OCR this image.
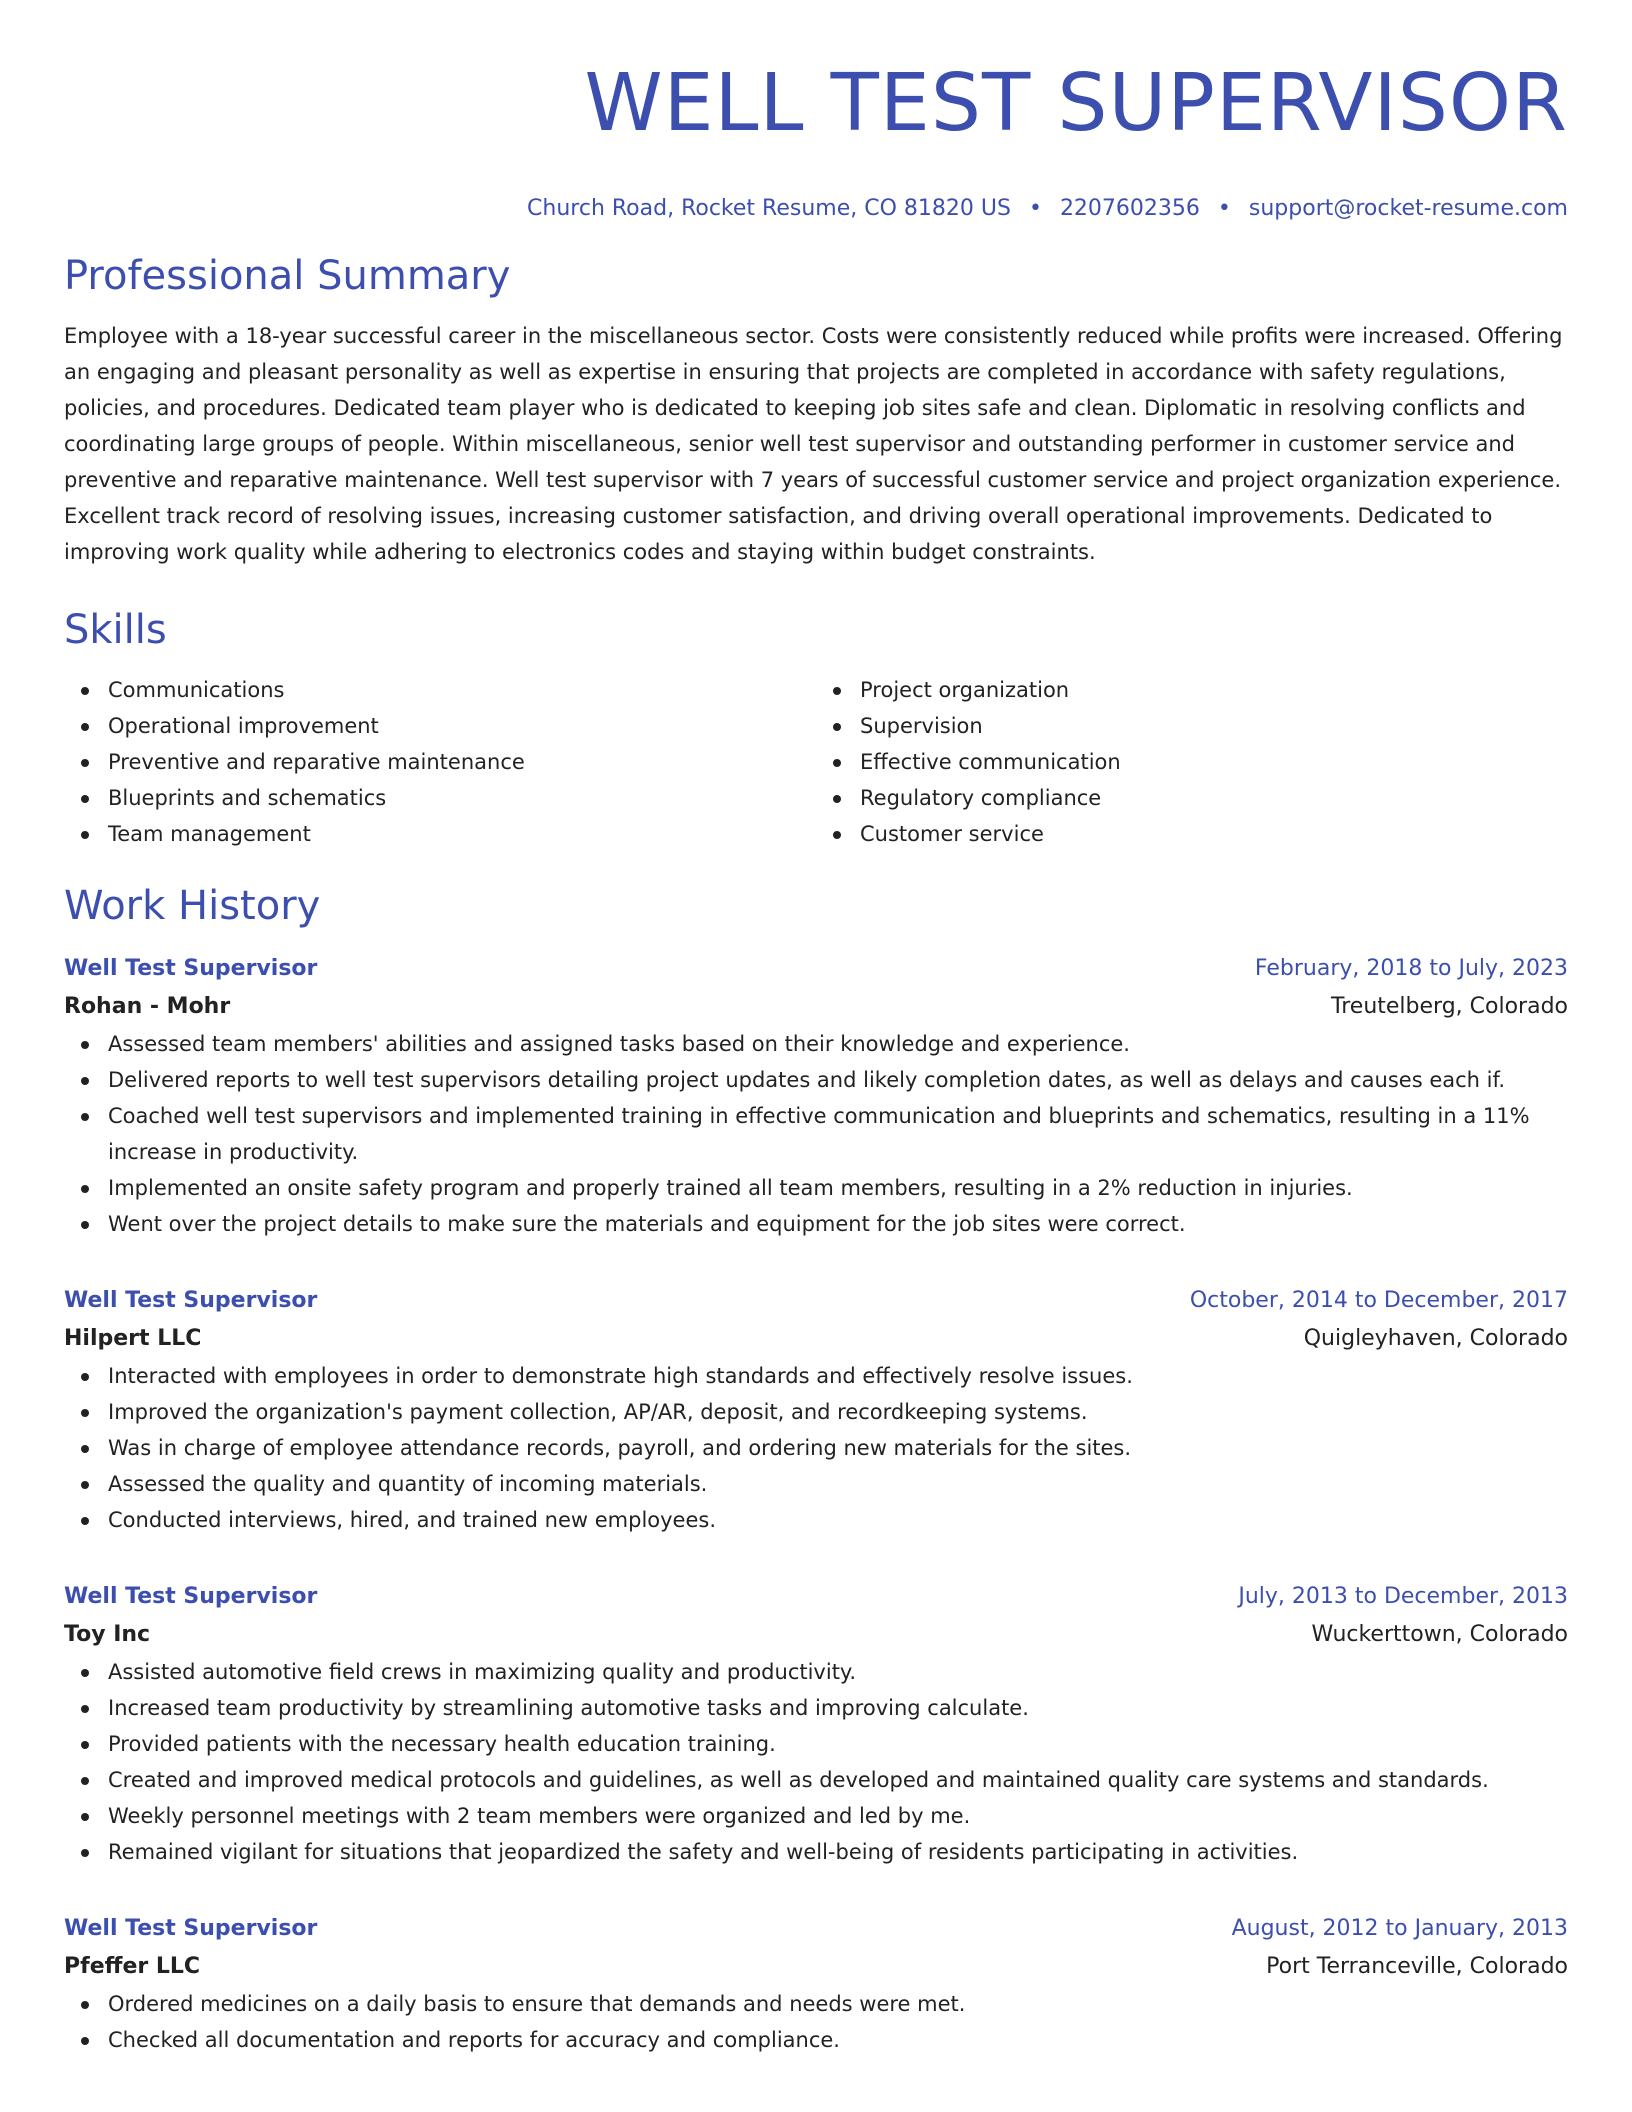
WELL TEST SUPERVISOR
Church Road, Rocket Resume, CO 81820 US • 2207602356 • support@rocket-resume.com
Professional Summary

Employee with a 18-year successful career in the miscellaneous sector. Costs were consistently reduced while profits were increased. Offering an engaging and pleasant personality as well as expertise in ensuring that projects are completed in accordance with safety regulations, policies, and procedures. Dedicated team player who is dedicated to keeping job sites safe and clean. Diplomatic in resolving conflicts and coordinating large groups of people. Within miscellaneous, senior well test supervisor and outstanding performer in customer service and preventive and reparative maintenance. Well test supervisor with 7 years of successful customer service and project organization experience. Excellent track record of resolving issues, increasing customer satisfaction, and driving overall operational improvements. Dedicated to improving work quality while adhering to electronics codes and staying within budget constraints.

Skills
Communications
Operational improvement
Preventive and reparative maintenance
Blueprints and schematics
Team management
Project organization
Supervision
Effective communication
Regulatory compliance
Customer service
Work History
Well Test Supervisor	February, 2018 to July, 2023
Rohan - Mohr	Treutelberg, Colorado
Assessed team members' abilities and assigned tasks based on their knowledge and experience.
Delivered reports to well test supervisors detailing project updates and likely completion dates, as well as delays and causes each if.
Coached well test supervisors and implemented training in effective communication and blueprints and schematics, resulting in a 11% increase in productivity.
Implemented an onsite safety program and properly trained all team members, resulting in a 2% reduction in injuries.
Went over the project details to make sure the materials and equipment for the job sites were correct.
Well Test Supervisor	October, 2014 to December, 2017
Hilpert LLC	Quigleyhaven, Colorado
Interacted with employees in order to demonstrate high standards and effectively resolve issues.
Improved the organization's payment collection, AP/AR, deposit, and recordkeeping systems.
Was in charge of employee attendance records, payroll, and ordering new materials for the sites.
Assessed the quality and quantity of incoming materials.
Conducted interviews, hired, and trained new employees.
Well Test Supervisor	July, 2013 to December, 2013
Toy Inc	Wuckerttown, Colorado
Assisted automotive field crews in maximizing quality and productivity.
Increased team productivity by streamlining automotive tasks and improving calculate.
Provided patients with the necessary health education training.
Created and improved medical protocols and guidelines, as well as developed and maintained quality care systems and standards.
Weekly personnel meetings with 2 team members were organized and led by me.
Remained vigilant for situations that jeopardized the safety and well-being of residents participating in activities.
Well Test Supervisor	August, 2012 to January, 2013
Pfeffer LLC	Port Terranceville, Colorado
Ordered medicines on a daily basis to ensure that demands and needs were met.
Checked all documentation and reports for accuracy and compliance.
